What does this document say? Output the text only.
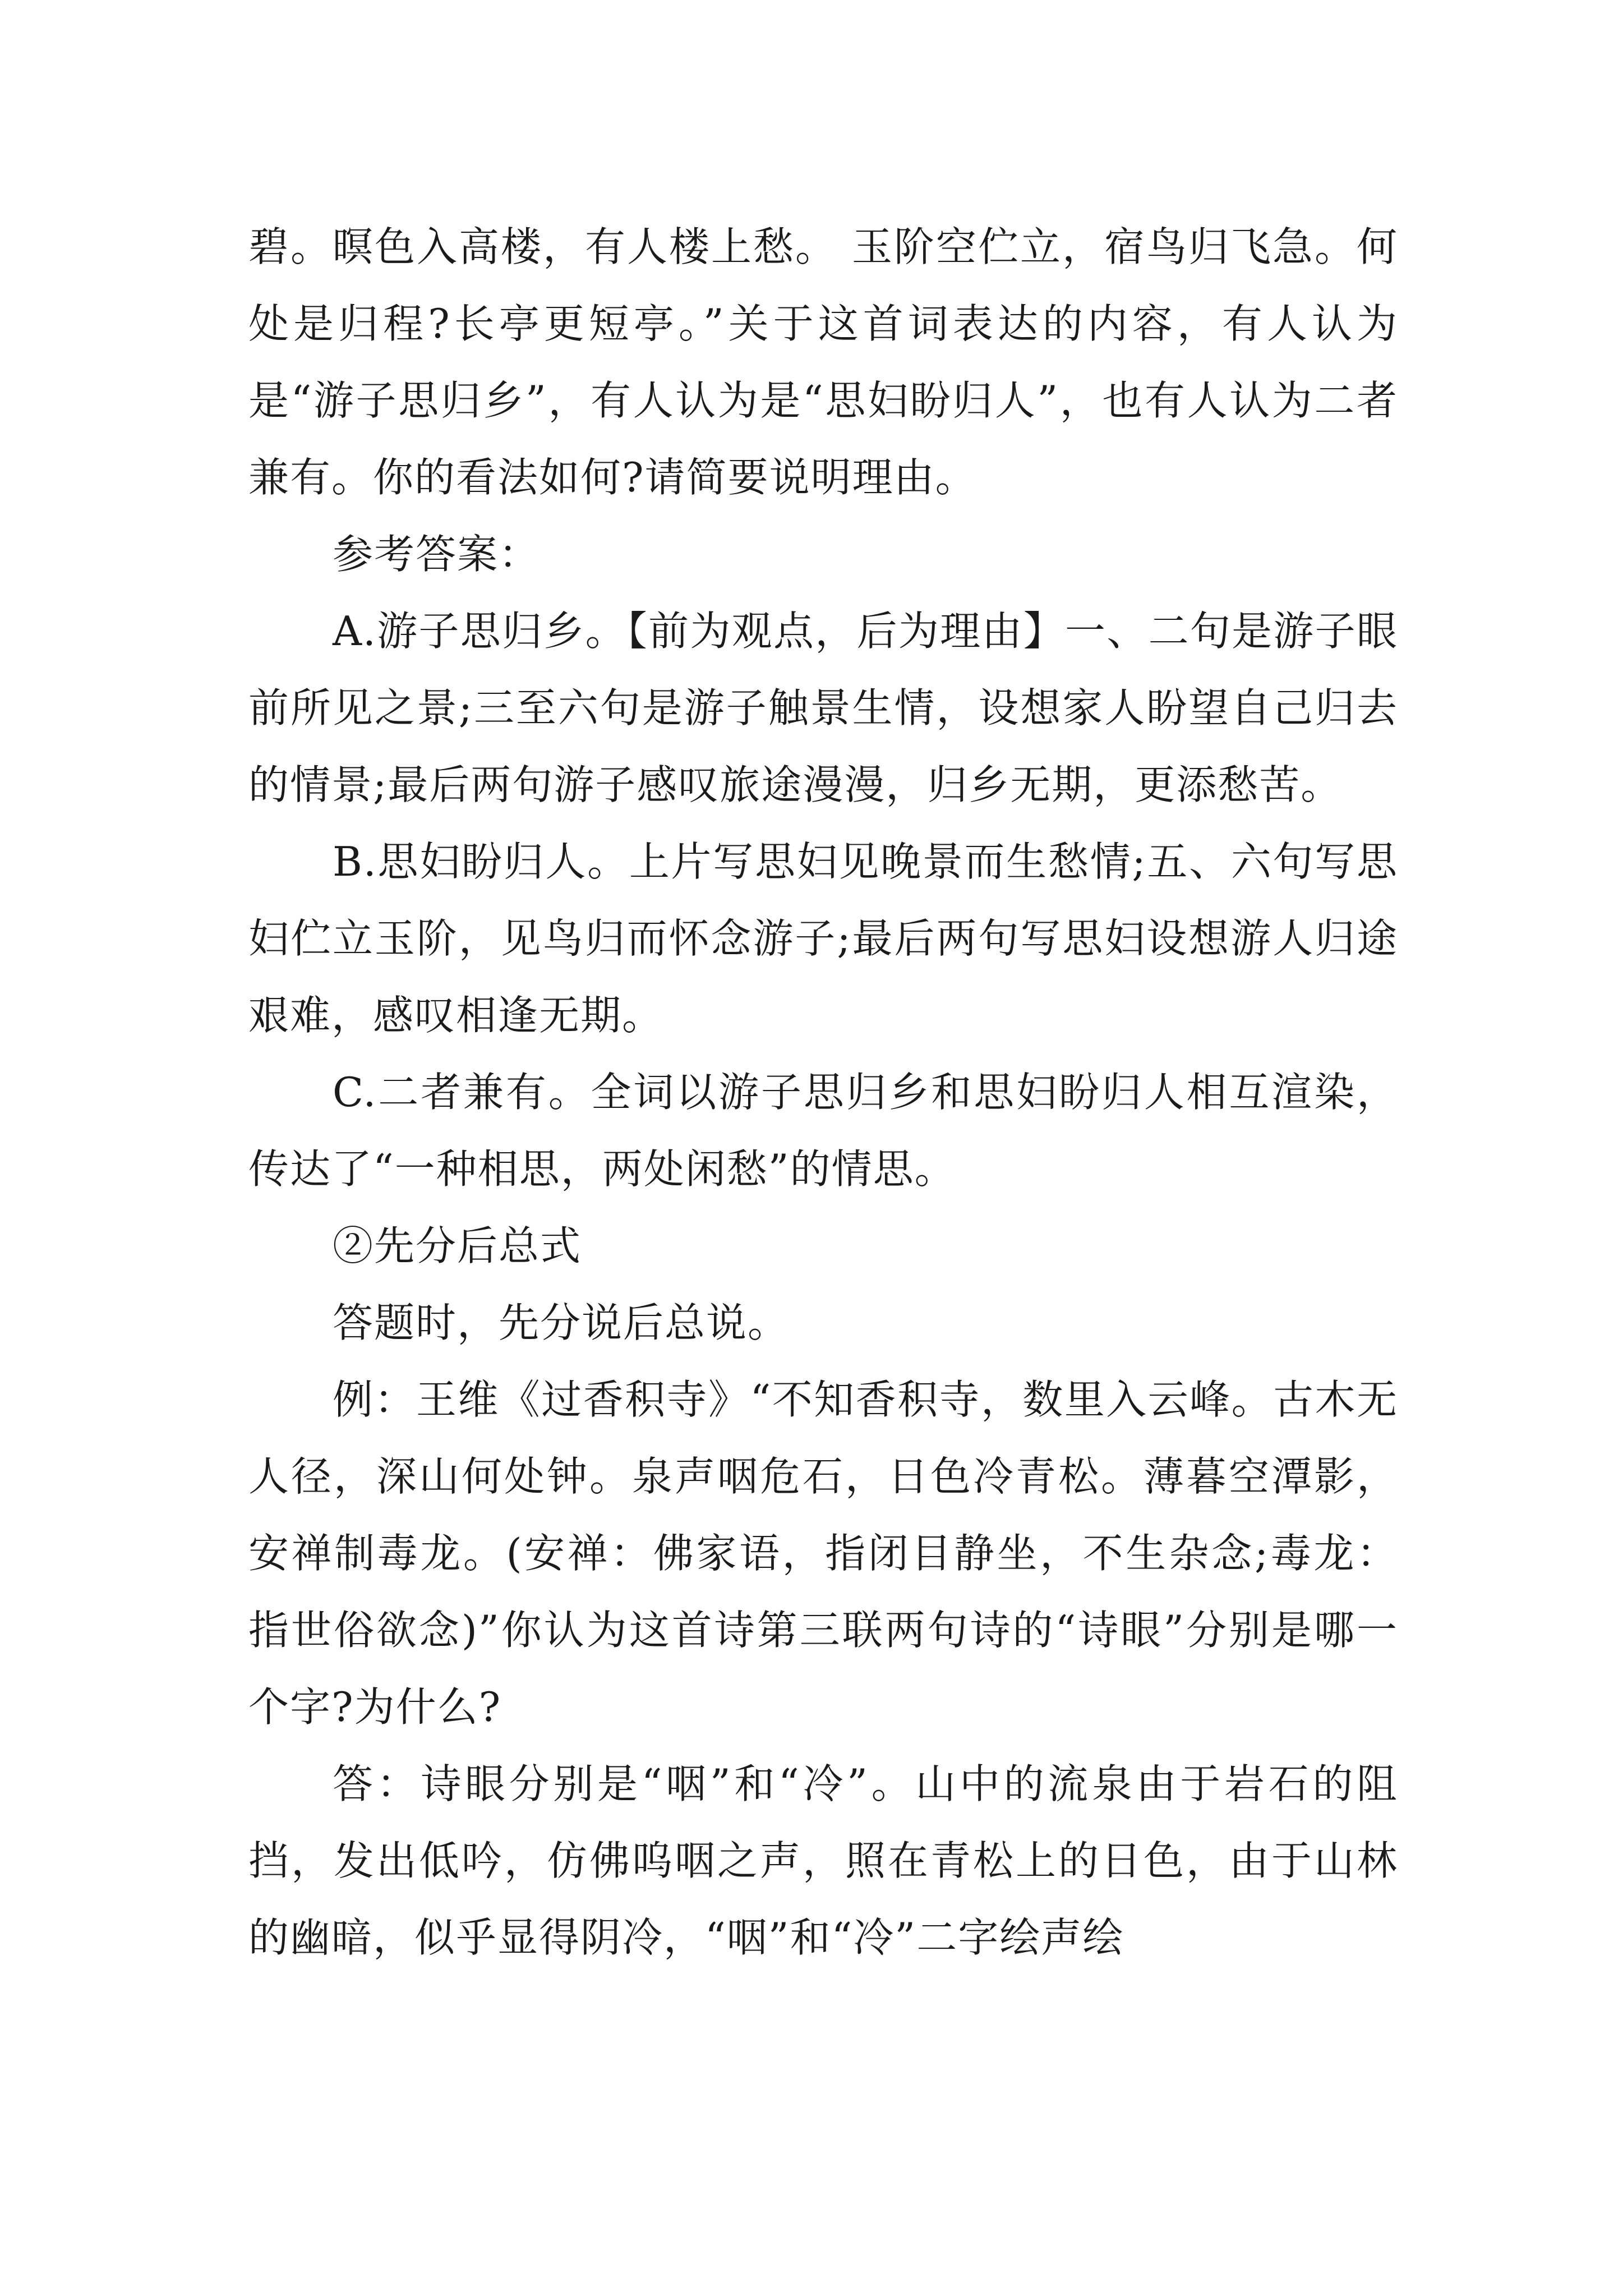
碧。暝色入高楼，有人楼上愁。 玉阶空伫立，宿鸟归飞急。何处是归程?长亭更短亭。”关于这首词表达的内容，有人认为是“游子思归乡”，有人认为是“思妇盼归人”，也有人认为二者兼有。你的看法如何?请简要说明理由。

参考答案：

A.游子思归乡。【前为观点，后为理由】一、二句是游子眼前所见之景;三至六句是游子触景生情，设想家人盼望自己归去的情景;最后两句游子感叹旅途漫漫，归乡无期，更添愁苦。

B.思妇盼归人。上片写思妇见晚景而生愁情;五、六句写思妇伫立玉阶，见鸟归而怀念游子;最后两句写思妇设想游人归途艰难，感叹相逢无期。

C.二者兼有。全词以游子思归乡和思妇盼归人相互渲染，传达了“一种相思，两处闲愁”的情思。

②先分后总式

答题时，先分说后总说。

例：王维《过香积寺》“不知香积寺，数里入云峰。古木无人径，深山何处钟。泉声咽危石，日色冷青松。薄暮空潭影，安禅制毒龙。(安禅：佛家语，指闭目静坐，不生杂念;毒龙：指世俗欲念)”你认为这首诗第三联两句诗的“诗眼”分别是哪一个字?为什么?

答：诗眼分别是“咽”和“冷”。山中的流泉由于岩石的阻挡，发出低吟，仿佛呜咽之声，照在青松上的日色，由于山林的幽暗，似乎显得阴冷，“咽”和“冷”二字绘声绘
